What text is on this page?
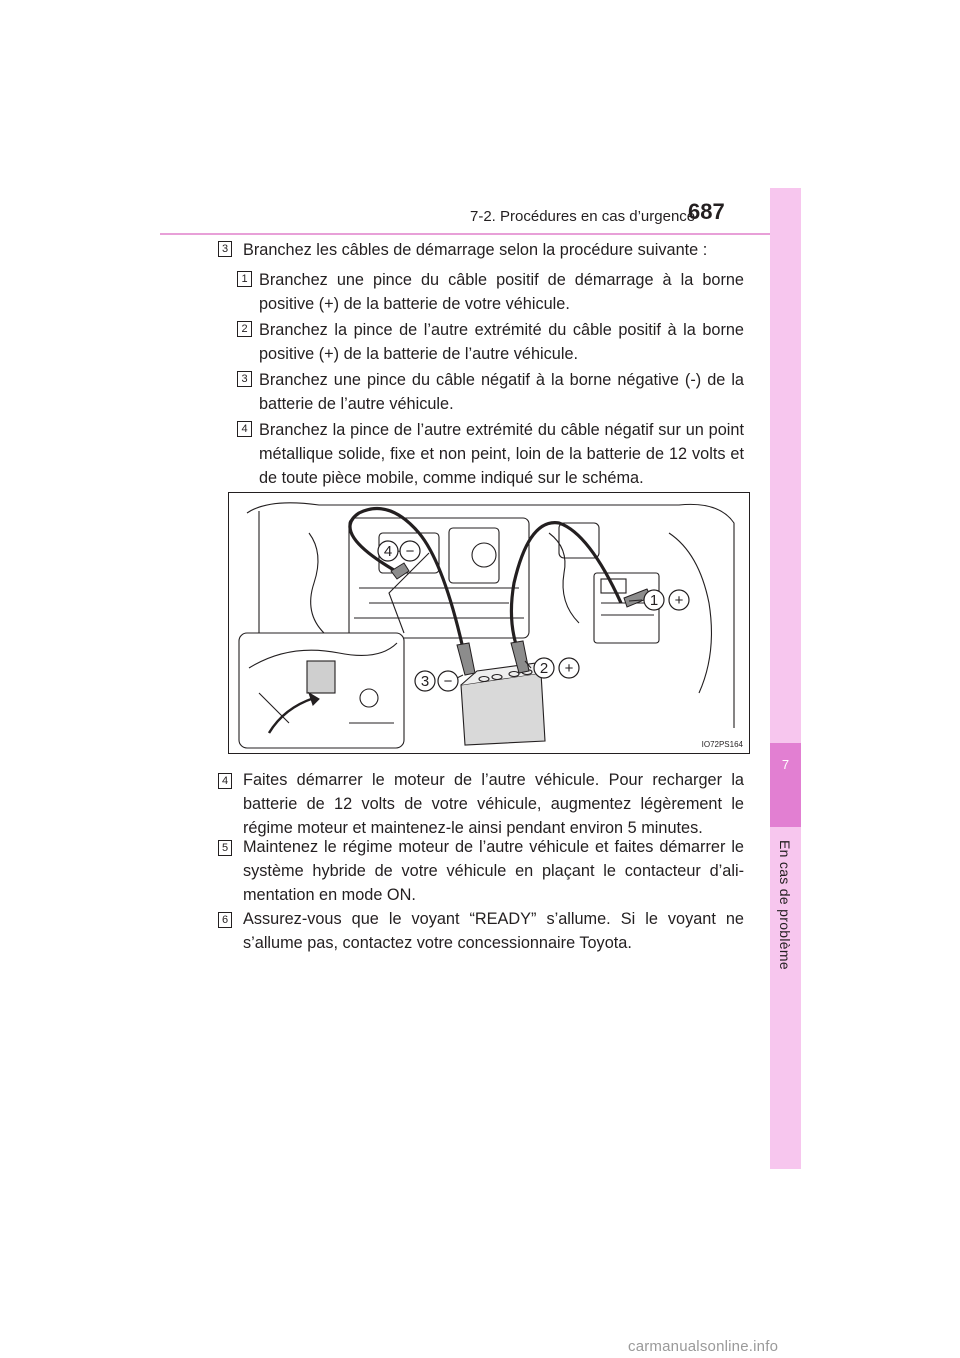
7-2. Procédures en cas d’urgence
687
7
En cas de problème
3 Branchez les câbles de démarrage selon la procédure suivante :
1 Branchez une pince du câble positif de démarrage à la borne positive (+) de la batterie de votre véhicule.
2 Branchez la pince de l’autre extrémité du câble positif à la borne positive (+) de la batterie de l’autre véhicule.
3 Branchez une pince du câble négatif à la borne négative (-) de la batterie de l’autre véhicule.
4 Branchez la pince de l’autre extrémité du câble négatif sur un point métallique solide, fixe et non peint, loin de la batterie de 12 volts et de toute pièce mobile, comme indiqué sur le schéma.
4 −
1 +
2 +
3 −
IO72PS164
4 Faites démarrer le moteur de l’autre véhicule. Pour recharger la batterie de 12 volts de votre véhicule, augmentez légèrement le régime moteur et maintenez-le ainsi pendant environ 5 minutes.
5 Maintenez le régime moteur de l’autre véhicule et faites démarrer le système hybride de votre véhicule en plaçant le contacteur d’ali-mentation en mode ON.
6 Assurez-vous que le voyant “READY” s’allume. Si le voyant ne s’allume pas, contactez votre concessionnaire Toyota.
carmanualsonline.info
